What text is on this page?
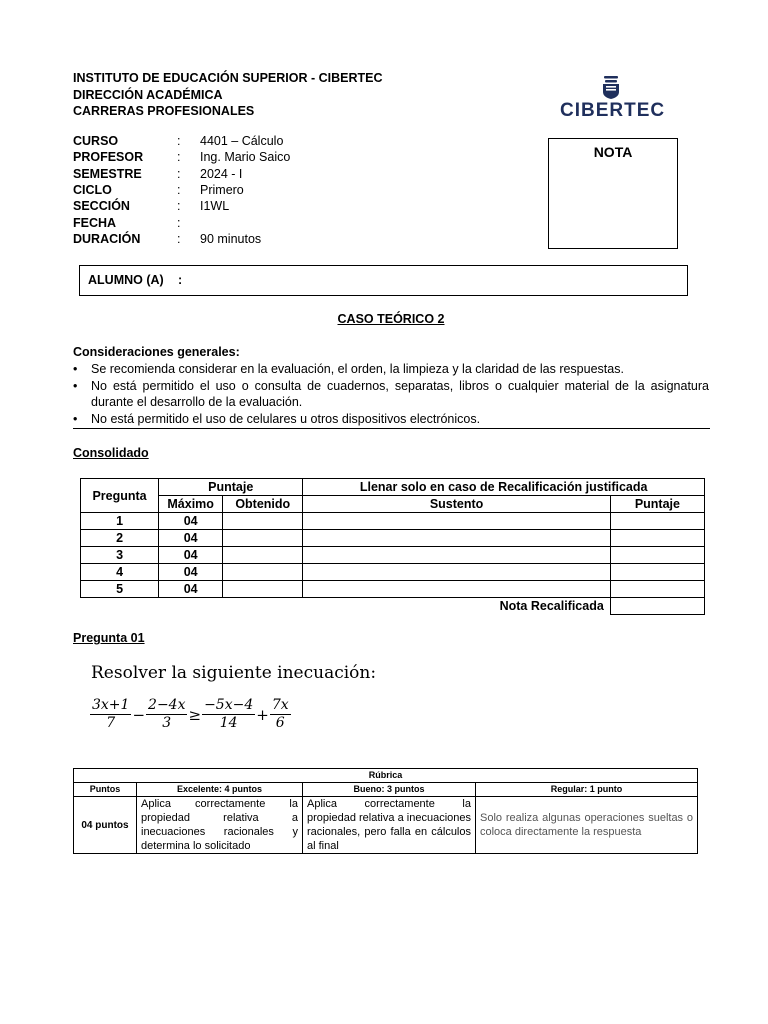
INSTITUTO DE EDUCACIÓN SUPERIOR - CIBERTEC
DIRECCIÓN ACADÉMICA
CARRERAS PROFESIONALES	CIBERTEC
CURSO	: 4401 – Cálculo
PROFESOR	: Ing. Mario Saico
SEMESTRE	: 2024 - I
CICLO	: Primero
SECCIÓN	: I1WL
FECHA	:
DURACIÓN	: 90 minutos
NOTA
ALUMNO (A) :
CASO TEÓRICO 2
Consideraciones generales:
• Se recomienda considerar en la evaluación, el orden, la limpieza y la claridad de las respuestas.
• No está permitido el uso o consulta de cuadernos, separatas, libros o cualquier material de la asignatura durante el desarrollo de la evaluación.
• No está permitido el uso de celulares u otros dispositivos electrónicos.
Consolidado
Pregunta	Puntaje		Llenar solo en caso de Recalificación justificada	
	Máximo	Obtenido	Sustento	Puntaje
1	04			
2	04			
3	04			
4	04			
5	04			
Nota Recalificada				
Pregunta 01
Resolver la siguiente inecuación:
$\frac{3x+1}{7} - \frac{2-4x}{3} \ge \frac{-5x-4}{14} + \frac{7x}{6}$
Rúbrica			
Puntos	Excelente: 4 puntos	Bueno: 3 puntos	Regular: 1 punto
04 puntos	Aplica correctamente la propiedad relativa a inecuaciones racionales y determina lo solicitado	Aplica correctamente la propiedad relativa a inecuaciones racionales, pero falla en cálculos al final	Solo realiza algunas operaciones sueltas o coloca directamente la respuesta
